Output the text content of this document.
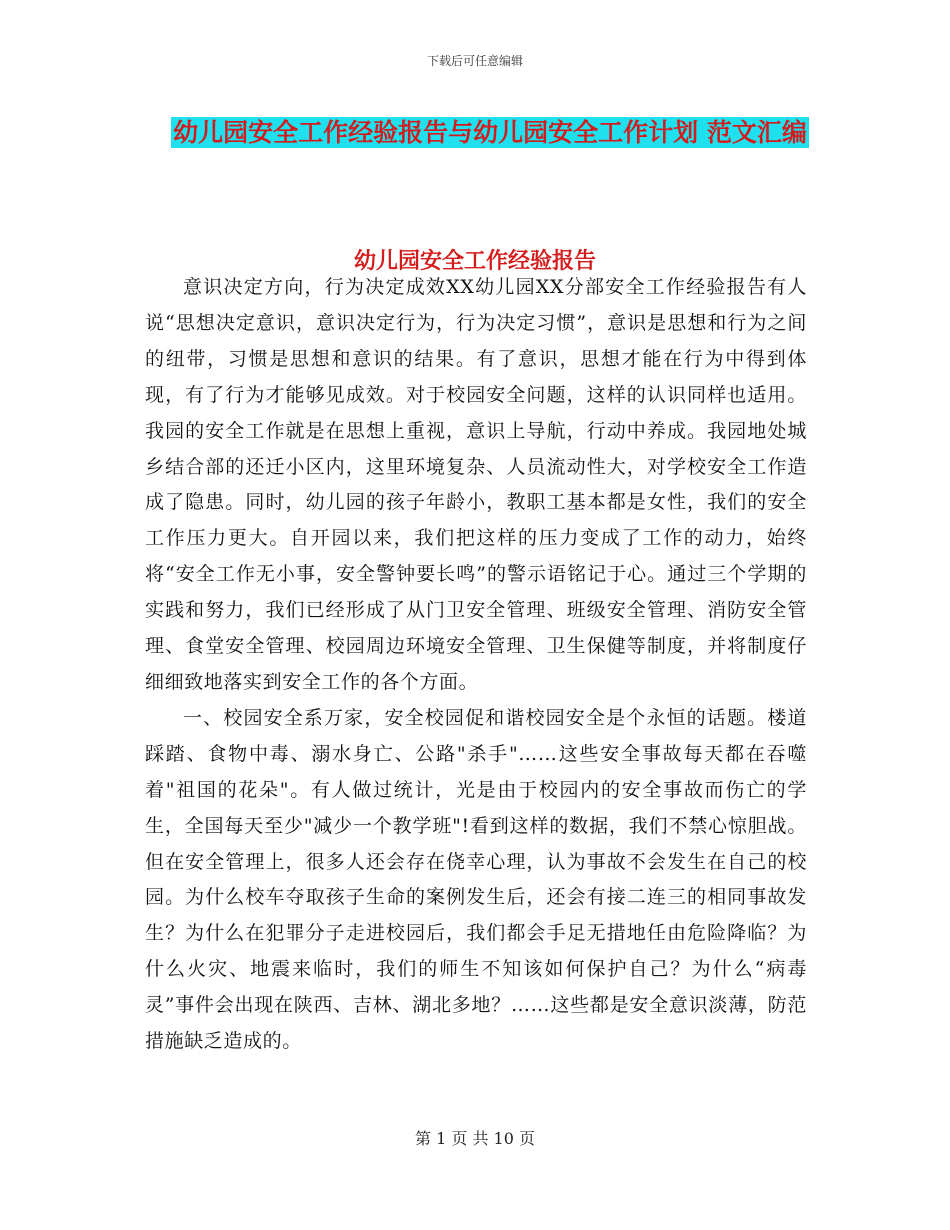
下载后可任意编辑
幼儿园安全工作经验报告与幼儿园安全工作计划 范文汇编
幼儿园安全工作经验报告

意识决定方向，行为决定成效XX幼儿园XX分部安全工作经验报告有人说“思想决定意识，意识决定行为，行为决定习惯”，意识是思想和行为之间的纽带，习惯是思想和意识的结果。有了意识，思想才能在行为中得到体现，有了行为才能够见成效。对于校园安全问题，这样的认识同样也适用。我园的安全工作就是在思想上重视，意识上导航，行动中养成。我园地处城乡结合部的还迁小区内，这里环境复杂、人员流动性大，对学校安全工作造成了隐患。同时，幼儿园的孩子年龄小，教职工基本都是女性，我们的安全工作压力更大。自开园以来，我们把这样的压力变成了工作的动力，始终将“安全工作无小事，安全警钟要长鸣”的警示语铭记于心。通过三个学期的实践和努力，我们已经形成了从门卫安全管理、班级安全管理、消防安全管理、食堂安全管理、校园周边环境安全管理、卫生保健等制度，并将制度仔细细致地落实到安全工作的各个方面。

一、校园安全系万家，安全校园促和谐校园安全是个永恒的话题。楼道踩踏、食物中毒、溺水身亡、公路"杀手"……这些安全事故每天都在吞噬着"祖国的花朵"。有人做过统计，光是由于校园内的安全事故而伤亡的学生，全国每天至少"减少一个教学班"!看到这样的数据，我们不禁心惊胆战。但在安全管理上，很多人还会存在侥幸心理，认为事故不会发生在自己的校园。为什么校车夺取孩子生命的案例发生后，还会有接二连三的相同事故发生？为什么在犯罪分子走进校园后，我们都会手足无措地任由危险降临？为什么火灾、地震来临时，我们的师生不知该如何保护自己？为什么“病毒灵”事件会出现在陕西、吉林、湖北多地？……这些都是安全意识淡薄，防范措施缺乏造成的。

第 1 页 共 10 页
